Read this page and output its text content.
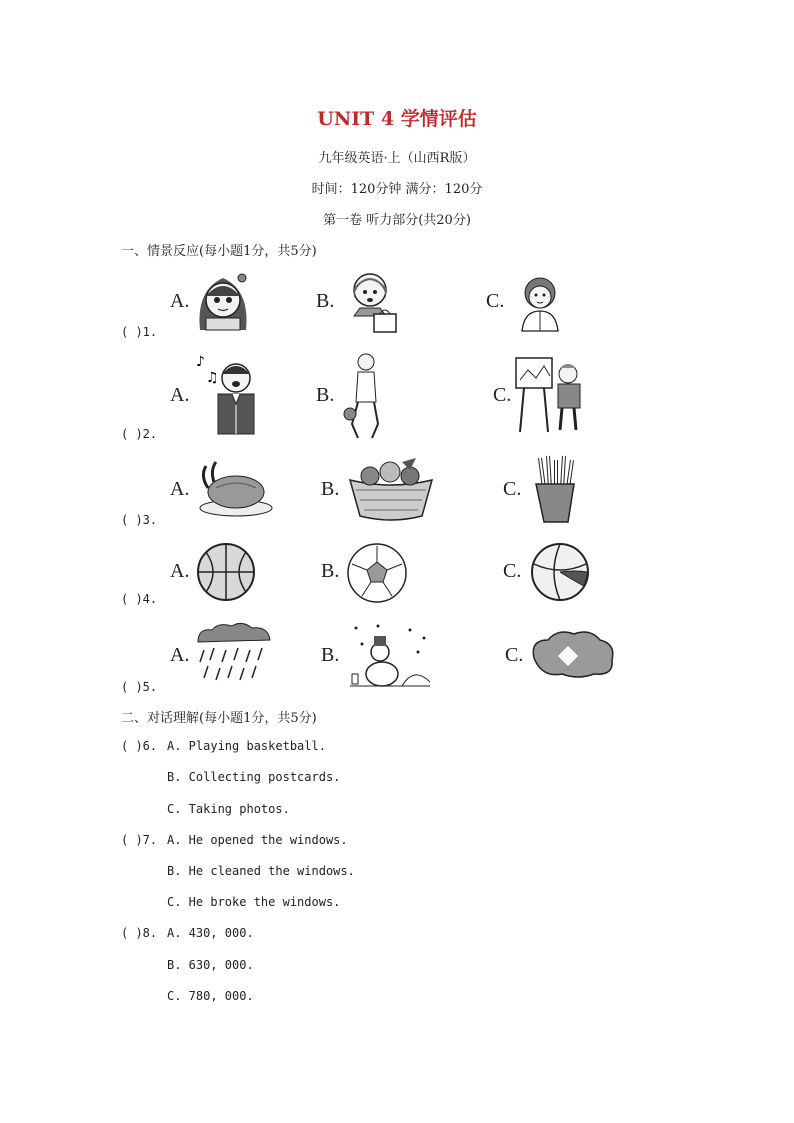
UNIT 4 学情评估
九年级英语·上（山西R版）
时间：120分钟 满分：120分
第一卷 听力部分(共20分)
一、情景反应(每小题1分，共5分)
A.	B.	C.
( )1.
A.	B.	C.
( )2.
♪
♫
A.	B.	C.
( )3.
A.	B.	C.
( )4.
A.	B.	C.
( )5.
二、对话理解(每小题1分，共5分)
( )6. A. Playing basketball.
B. Collecting postcards.
C. Taking photos.
( )7. A. He opened the windows.
B. He cleaned the windows.
C. He broke the windows.
( )8. A. 430, 000.
B. 630, 000.
C. 780, 000.
